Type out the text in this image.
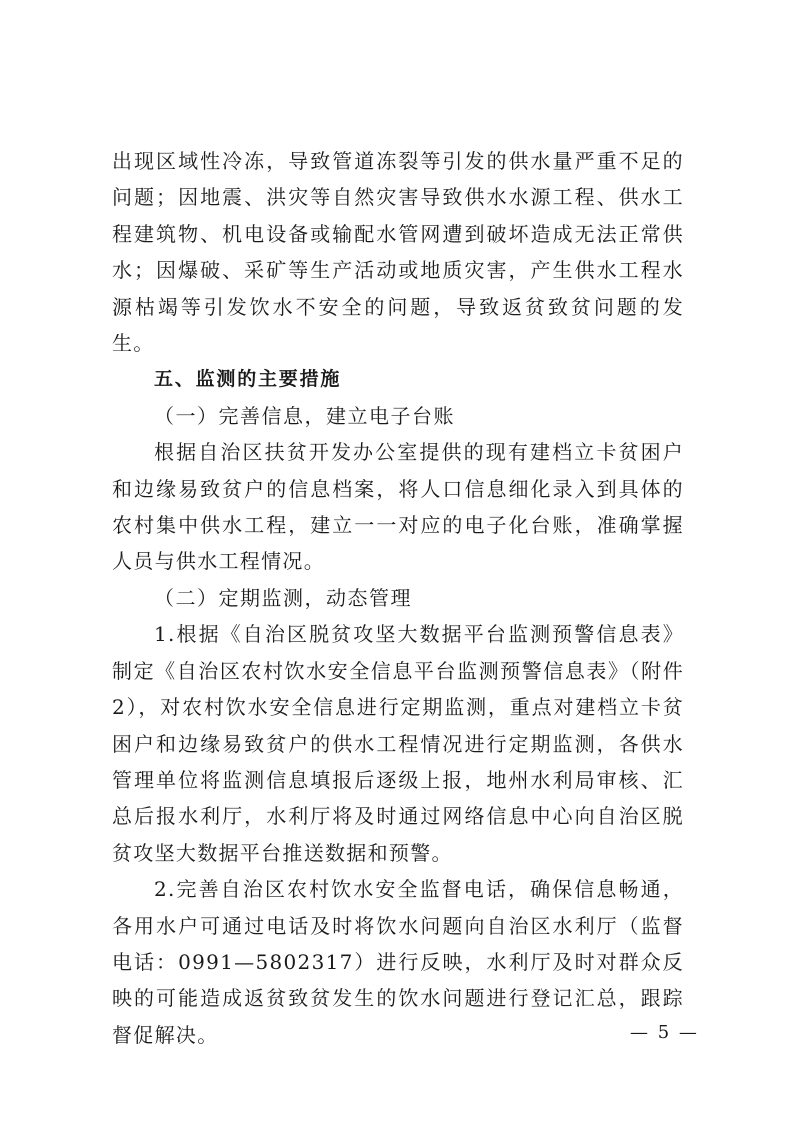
出现区域性冷冻，导致管道冻裂等引发的供水量严重不足的问题；因地震、洪灾等自然灾害导致供水水源工程、供水工程建筑物、机电设备或输配水管网遭到破坏造成无法正常供水；因爆破、采矿等生产活动或地质灾害，产生供水工程水源枯竭等引发饮水不安全的问题，导致返贫致贫问题的发生。

五、监测的主要措施

（一）完善信息，建立电子台账

根据自治区扶贫开发办公室提供的现有建档立卡贫困户和边缘易致贫户的信息档案，将人口信息细化录入到具体的农村集中供水工程，建立一一对应的电子化台账，准确掌握人员与供水工程情况。

（二）定期监测，动态管理

1.根据《自治区脱贫攻坚大数据平台监测预警信息表》制定《自治区农村饮水安全信息平台监测预警信息表》（附件2），对农村饮水安全信息进行定期监测，重点对建档立卡贫困户和边缘易致贫户的供水工程情况进行定期监测，各供水管理单位将监测信息填报后逐级上报，地州水利局审核、汇总后报水利厅，水利厅将及时通过网络信息中心向自治区脱贫攻坚大数据平台推送数据和预警。

2.完善自治区农村饮水安全监督电话，确保信息畅通，各用水户可通过电话及时将饮水问题向自治区水利厅（监督电话：0991—5802317）进行反映，水利厅及时对群众反映的可能造成返贫致贫发生的饮水问题进行登记汇总，跟踪督促解决。	— 5 —
